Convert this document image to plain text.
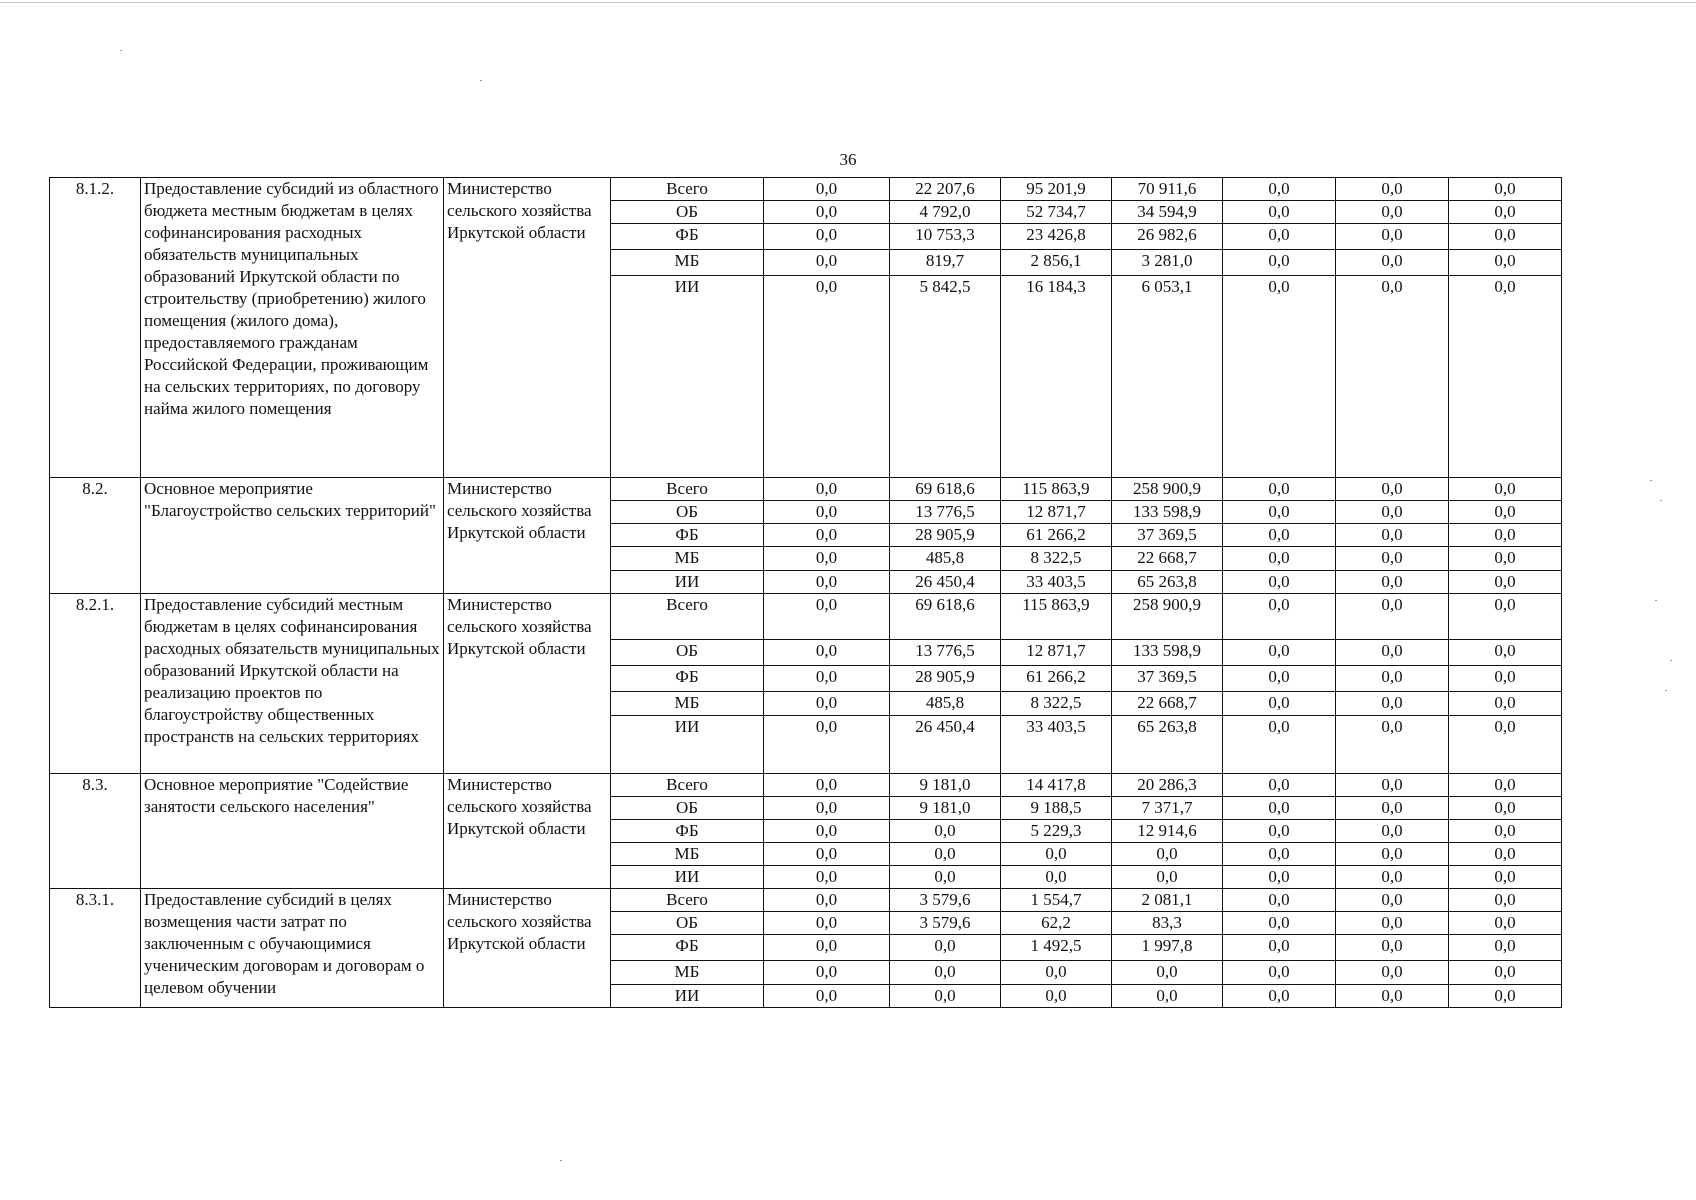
36
8.1.2.	Предоставление субсидий из областного бюджета местным бюджетам в целях софинансирования расходных обязательств муниципальных образований Иркутской области по строительству (приобретению) жилого помещения (жилого дома), предоставляемого гражданам Российской Федерации, проживающим на сельских территориях, по договору найма жилого помещения	Министерство сельского хозяйства Иркутской области	Всего	0,0	22 207,6	95 201,9	70 911,6	0,0	0,0	0,0
			ОБ	0,0	4 792,0	52 734,7	34 594,9	0,0	0,0	0,0
			ФБ	0,0	10 753,3	23 426,8	26 982,6	0,0	0,0	0,0
			МБ	0,0	819,7	2 856,1	3 281,0	0,0	0,0	0,0
			ИИ	0,0	5 842,5	16 184,3	6 053,1	0,0	0,0	0,0
8.2.	Основное мероприятие "Благоустройство сельских территорий"	Министерство сельского хозяйства Иркутской области	Всего	0,0	69 618,6	115 863,9	258 900,9	0,0	0,0	0,0
			ОБ	0,0	13 776,5	12 871,7	133 598,9	0,0	0,0	0,0
			ФБ	0,0	28 905,9	61 266,2	37 369,5	0,0	0,0	0,0
			МБ	0,0	485,8	8 322,5	22 668,7	0,0	0,0	0,0
			ИИ	0,0	26 450,4	33 403,5	65 263,8	0,0	0,0	0,0
8.2.1.	Предоставление субсидий местным бюджетам в целях софинансирования расходных обязательств муниципальных образований Иркутской области на реализацию проектов по благоустройству общественных пространств на сельских территориях	Министерство сельского хозяйства Иркутской области	Всего	0,0	69 618,6	115 863,9	258 900,9	0,0	0,0	0,0
			ОБ	0,0	13 776,5	12 871,7	133 598,9	0,0	0,0	0,0
			ФБ	0,0	28 905,9	61 266,2	37 369,5	0,0	0,0	0,0
			МБ	0,0	485,8	8 322,5	22 668,7	0,0	0,0	0,0
			ИИ	0,0	26 450,4	33 403,5	65 263,8	0,0	0,0	0,0
8.3.	Основное мероприятие "Содействие занятости сельского населения"	Министерство сельского хозяйства Иркутской области	Всего	0,0	9 181,0	14 417,8	20 286,3	0,0	0,0	0,0
			ОБ	0,0	9 181,0	9 188,5	7 371,7	0,0	0,0	0,0
			ФБ	0,0	0,0	5 229,3	12 914,6	0,0	0,0	0,0
			МБ	0,0	0,0	0,0	0,0	0,0	0,0	0,0
			ИИ	0,0	0,0	0,0	0,0	0,0	0,0	0,0
8.3.1.	Предоставление субсидий в целях возмещения части затрат по заключенным с обучающимися ученическим договорам и договорам о целевом обучении	Министерство сельского хозяйства Иркутской области	Всего	0,0	3 579,6	1 554,7	2 081,1	0,0	0,0	0,0
			ОБ	0,0	3 579,6	62,2	83,3	0,0	0,0	0,0
			ФБ	0,0	0,0	1 492,5	1 997,8	0,0	0,0	0,0
			МБ	0,0	0,0	0,0	0,0	0,0	0,0	0,0
			ИИ	0,0	0,0	0,0	0,0	0,0	0,0	0,0
